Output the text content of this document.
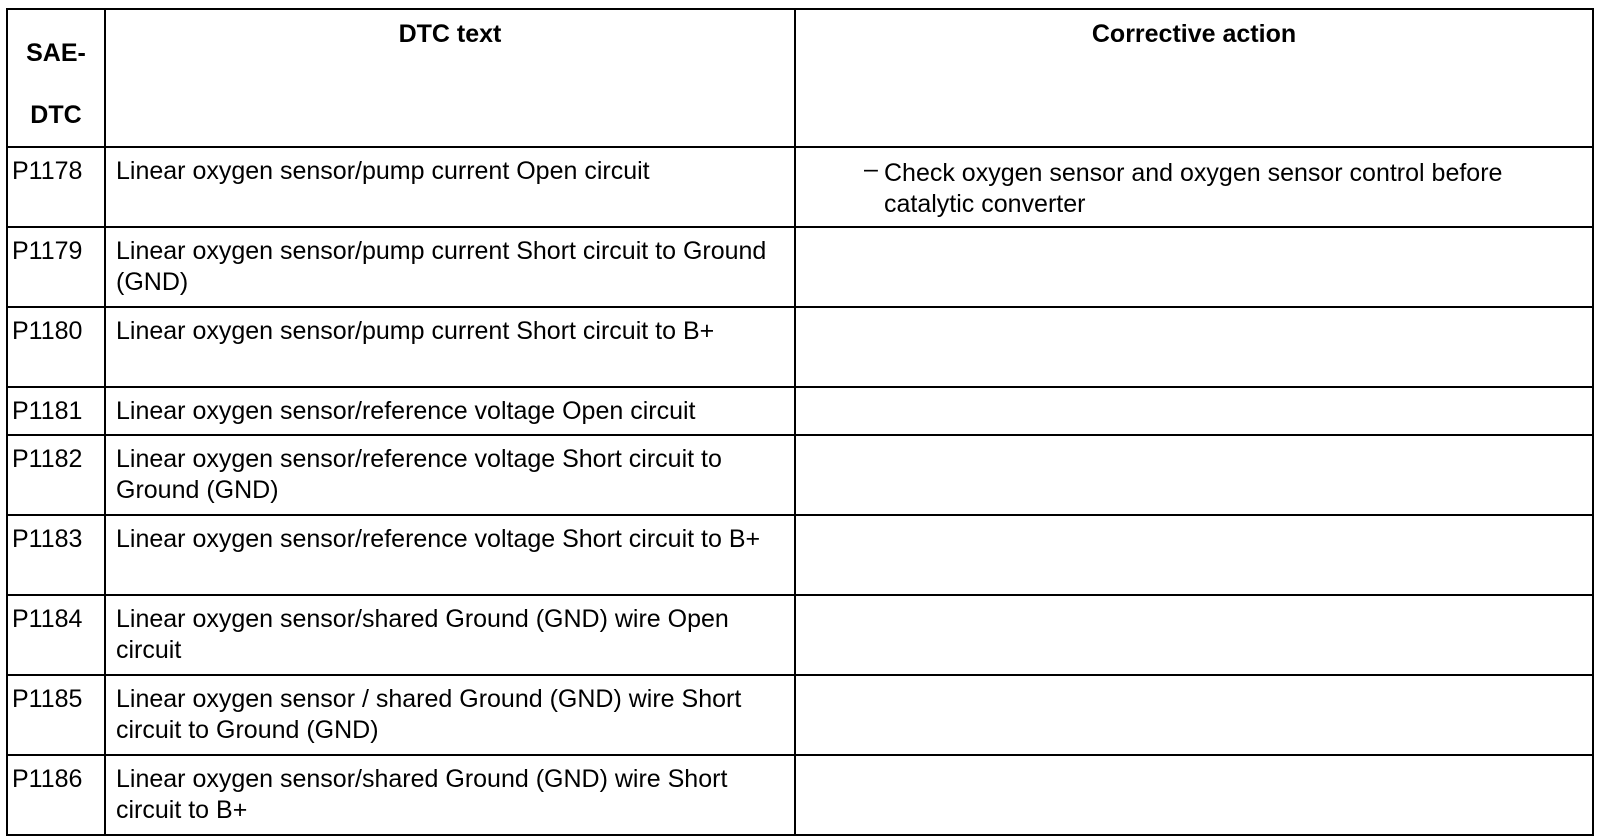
SAE-
DTC	DTC text	Corrective action
P1178	Linear oxygen sensor/pump current Open circuit	– Check oxygen sensor and oxygen sensor control before catalytic converter

P1179	Linear oxygen sensor/pump current Short circuit to Ground (GND)	
P1180	Linear oxygen sensor/pump current Short circuit to B+	
P1181	Linear oxygen sensor/reference voltage Open circuit	
P1182	Linear oxygen sensor/reference voltage Short circuit to Ground (GND)	
P1183	Linear oxygen sensor/reference voltage Short circuit to B+	
P1184	Linear oxygen sensor/shared Ground (GND) wire Open circuit	
P1185	Linear oxygen sensor / shared Ground (GND) wire Short circuit to Ground (GND)	
P1186	Linear oxygen sensor/shared Ground (GND) wire Short circuit to B+	
